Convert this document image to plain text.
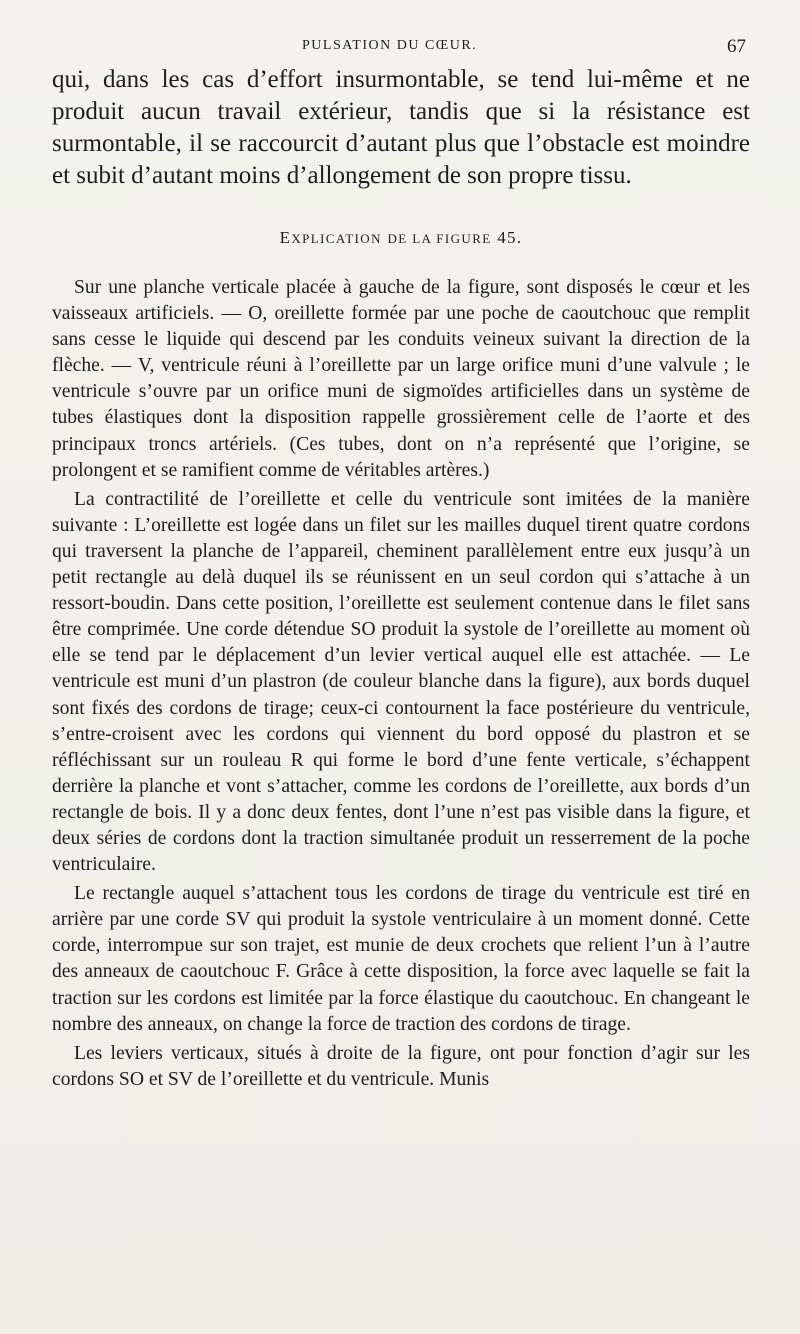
PULSATION DU CŒUR.	67

qui, dans les cas d’effort insurmontable, se tend lui-même et ne produit aucun travail extérieur, tandis que si la résistance est surmontable, il se raccourcit d’autant plus que l’obstacle est moindre et subit d’autant moins d’allongement de son propre tissu.

EXPLICATION DE LA FIGURE 45.

Sur une planche verticale placée à gauche de la figure, sont disposés le cœur et les vaisseaux artificiels. — O, oreillette formée par une poche de caoutchouc que remplit sans cesse le liquide qui descend par les conduits veineux suivant la direction de la flèche. — V, ventricule réuni à l’oreillette par un large orifice muni d’une valvule ; le ventricule s’ouvre par un orifice muni de sigmoïdes artificielles dans un système de tubes élastiques dont la disposition rappelle grossièrement celle de l’aorte et des principaux troncs artériels. (Ces tubes, dont on n’a représenté que l’origine, se prolongent et se ramifient comme de véritables artères.)

La contractilité de l’oreillette et celle du ventricule sont imitées de la manière suivante : L’oreillette est logée dans un filet sur les mailles duquel tirent quatre cordons qui traversent la planche de l’appareil, cheminent parallèlement entre eux jusqu’à un petit rectangle au delà duquel ils se réunissent en un seul cordon qui s’attache à un ressort-boudin. Dans cette position, l’oreillette est seulement contenue dans le filet sans être comprimée. Une corde détendue SO produit la systole de l’oreillette au moment où elle se tend par le déplacement d’un levier vertical auquel elle est attachée. — Le ventricule est muni d’un plastron (de couleur blanche dans la figure), aux bords duquel sont fixés des cordons de tirage; ceux-ci contournent la face postérieure du ventricule, s’entre-croisent avec les cordons qui viennent du bord opposé du plastron et se réfléchissant sur un rouleau R qui forme le bord d’une fente verticale, s’échappent derrière la planche et vont s’attacher, comme les cordons de l’oreillette, aux bords d’un rectangle de bois. Il y a donc deux fentes, dont l’une n’est pas visible dans la figure, et deux séries de cordons dont la traction simultanée produit un resserrement de la poche ventriculaire.

Le rectangle auquel s’attachent tous les cordons de tirage du ventricule est tiré en arrière par une corde SV qui produit la systole ventriculaire à un moment donné. Cette corde, interrompue sur son trajet, est munie de deux crochets que relient l’un à l’autre des anneaux de caoutchouc F. Grâce à cette disposition, la force avec laquelle se fait la traction sur les cordons est limitée par la force élastique du caoutchouc. En changeant le nombre des anneaux, on change la force de traction des cordons de tirage.

Les leviers verticaux, situés à droite de la figure, ont pour fonction d’agir sur les cordons SO et SV de l’oreillette et du ventricule. Munis
